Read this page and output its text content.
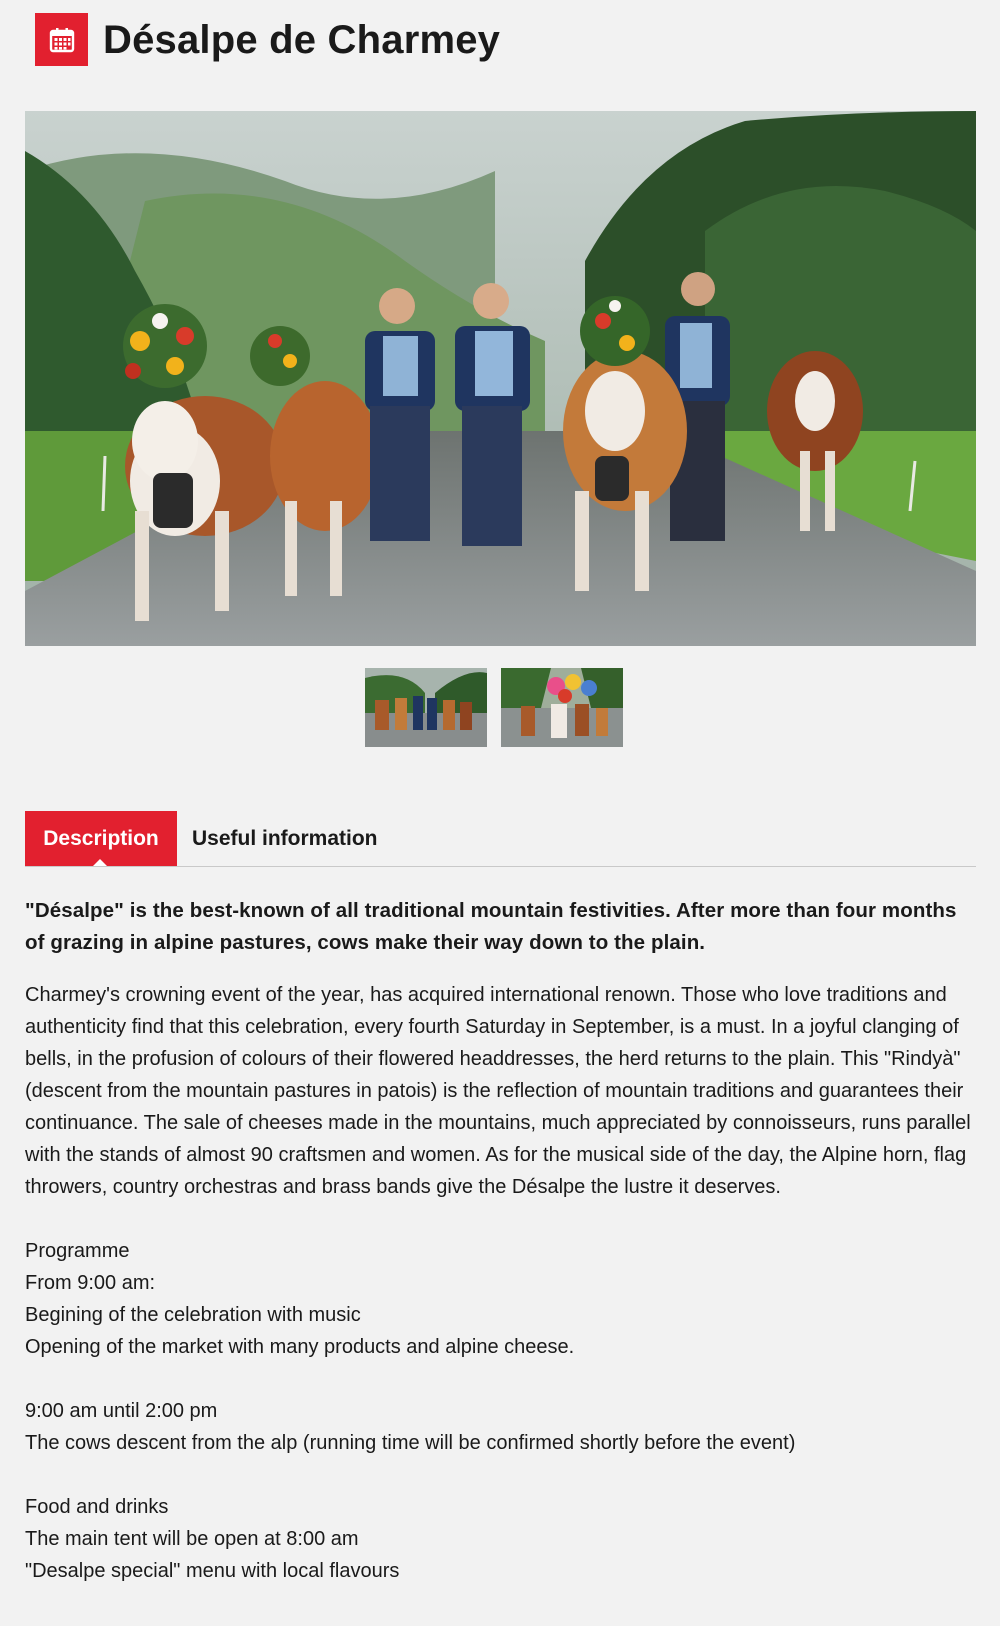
Désalpe de Charmey
Description	Useful information

"Désalpe" is the best-known of all traditional mountain festivities. After more than four months of grazing in alpine pastures, cows make their way down to the plain.

Charmey's crowning event of the year, has acquired international renown. Those who love traditions and authenticity find that this celebration, every fourth Saturday in September, is a must. In a joyful clanging of bells, in the profusion of colours of their flowered headdresses, the herd returns to the plain. This "Rindyà" (descent from the mountain pastures in patois) is the reflection of mountain traditions and guarantees their continuance. The sale of cheeses made in the mountains, much appreciated by connoisseurs, runs parallel with the stands of almost 90 craftsmen and women. As for the musical side of the day, the Alpine horn, flag throwers, country orchestras and brass bands give the Désalpe the lustre it deserves.

Programme
From 9:00 am:
Begining of the celebration with music
Opening of the market with many products and alpine cheese.
9:00 am until 2:00 pm
The cows descent from the alp (running time will be confirmed shortly before the event)
Food and drinks
The main tent will be open at 8:00 am
"Desalpe special" menu with local flavours
